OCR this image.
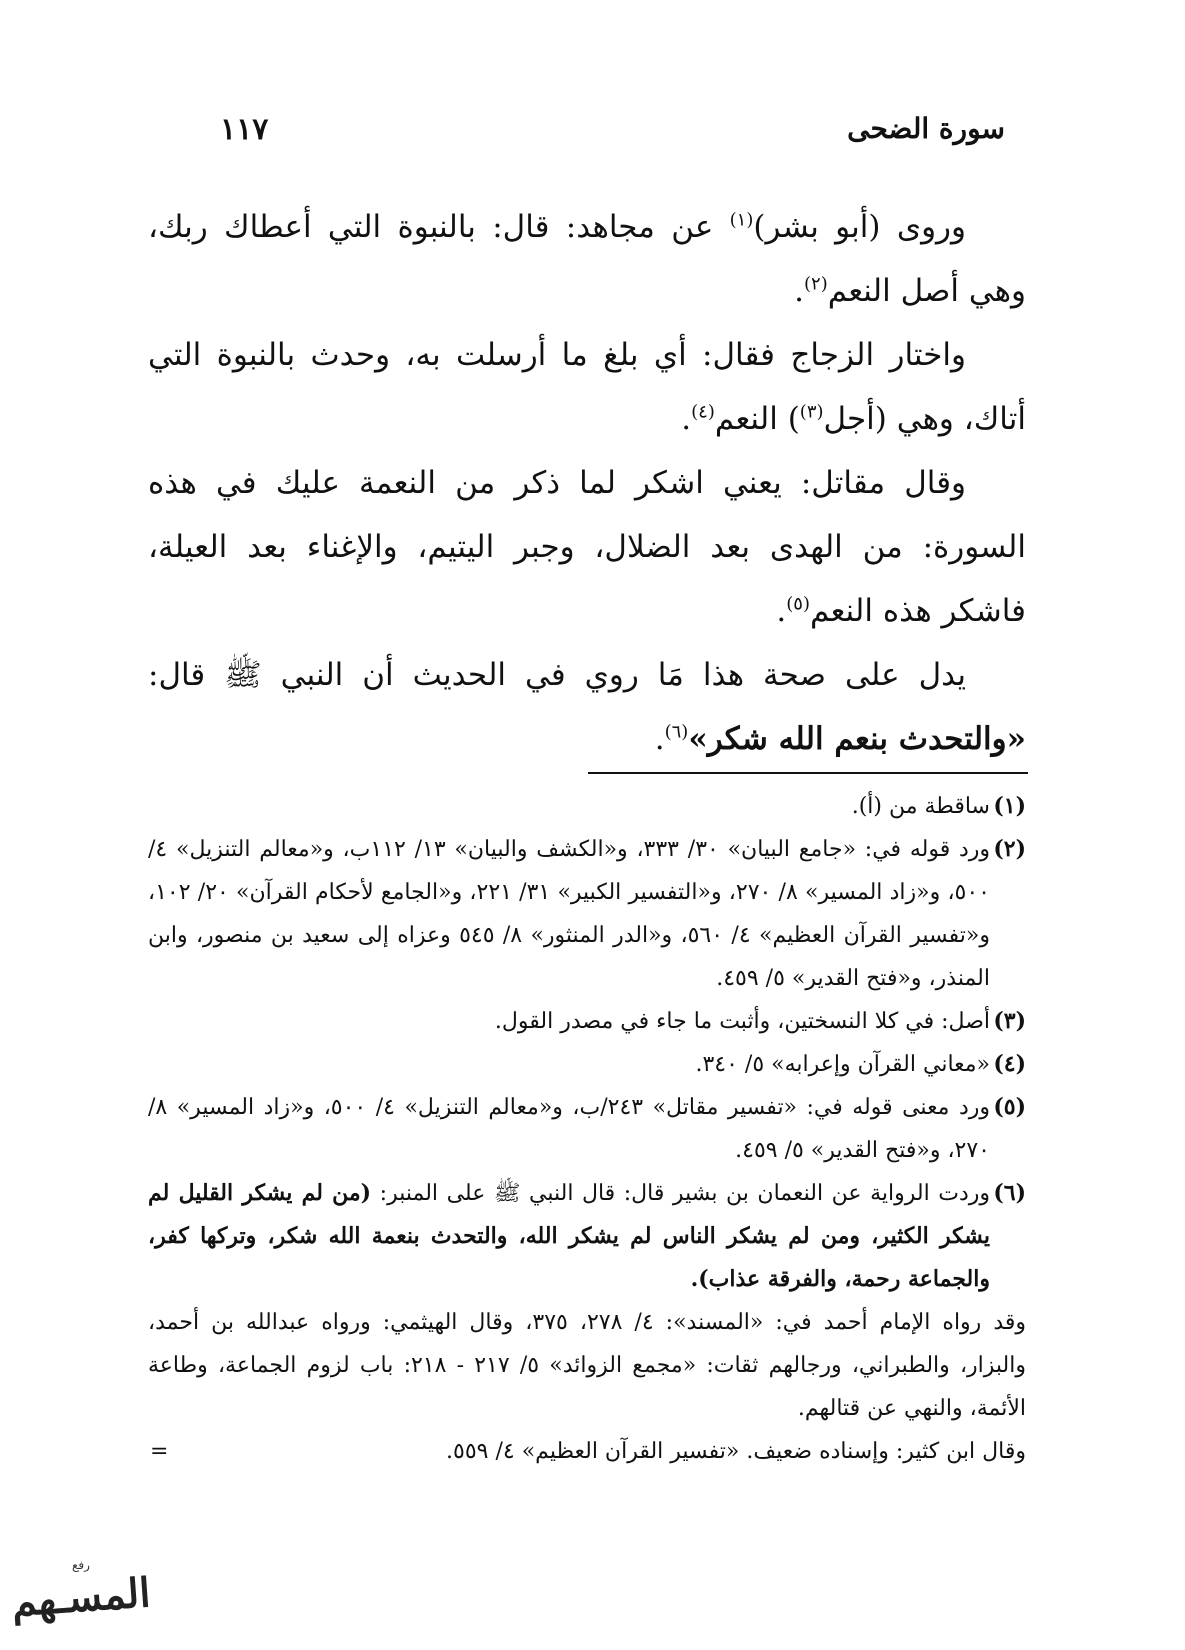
سورة الضحى
١١٧

وروى (أبو بشر)$^{(١)}$ عن مجاهد: قال: بالنبوة التي أعطاك ربك، وهي أصل النعم$^{(٢)}$.

واختار الزجاج فقال: أي بلغ ما أرسلت به، وحدث بالنبوة التي أتاك، وهي (أجل$^{(٣)}$) النعم$^{(٤)}$.

وقال مقاتل: يعني اشكر لما ذكر من النعمة عليك في هذه السورة: من الهدى بعد الضلال، وجبر اليتيم، والإغناء بعد العيلة، فاشكر هذه النعم$^{(٥)}$.

يدل على صحة هذا مَا روي في الحديث أن النبي ﷺ قال: «والتحدث بنعم الله شكر»$^{(٦)}$.

(١)
ساقطة من (أ).
(٢)
ورد قوله في: «جامع البيان» ٣٠/ ٣٣٣، و«الكشف والبيان» ١٣/ ١١٢ب، و«معالم التنزيل» ٤/ ٥٠٠، و«زاد المسير» ٨/ ٢٧٠، و«التفسير الكبير» ٣١/ ٢٢١، و«الجامع لأحكام القرآن» ٢٠/ ١٠٢، و«تفسير القرآن العظيم» ٤/ ٥٦٠، و«الدر المنثور» ٨/ ٥٤٥ وعزاه إلى سعيد بن منصور، وابن المنذر، و«فتح القدير» ٥/ ٤٥٩.
(٣)
أصل: في كلا النسختين، وأثبت ما جاء في مصدر القول.
(٤)
«معاني القرآن وإعرابه» ٥/ ٣٤٠.
(٥)
ورد معنى قوله في: «تفسير مقاتل» ٢٤٣/ب، و«معالم التنزيل» ٤/ ٥٠٠، و«زاد المسير» ٨/ ٢٧٠، و«فتح القدير» ٥/ ٤٥٩.
(٦)
وردت الرواية عن النعمان بن بشير قال: قال النبي ﷺ على المنبر: (من لم يشكر القليل لم يشكر الكثير، ومن لم يشكر الناس لم يشكر الله، والتحدث بنعمة الله شكر، وتركها كفر، والجماعة رحمة، والفرقة عذاب).
وقد رواه الإمام أحمد في: «المسند»: ٤/ ٢٧٨، ٣٧٥، وقال الهيثمي: ورواه عبدالله بن أحمد، والبزار، والطبراني، ورجالهم ثقات: «مجمع الزوائد» ٥/ ٢١٧ - ٢١٨: باب لزوم الجماعة، وطاعة الأئمة، والنهي عن قتالهم.
وقال ابن كثير: وإسناده ضعيف. «تفسير القرآن العظيم» ٤/ ٥٥٩.
=
رفع
المسـهم
